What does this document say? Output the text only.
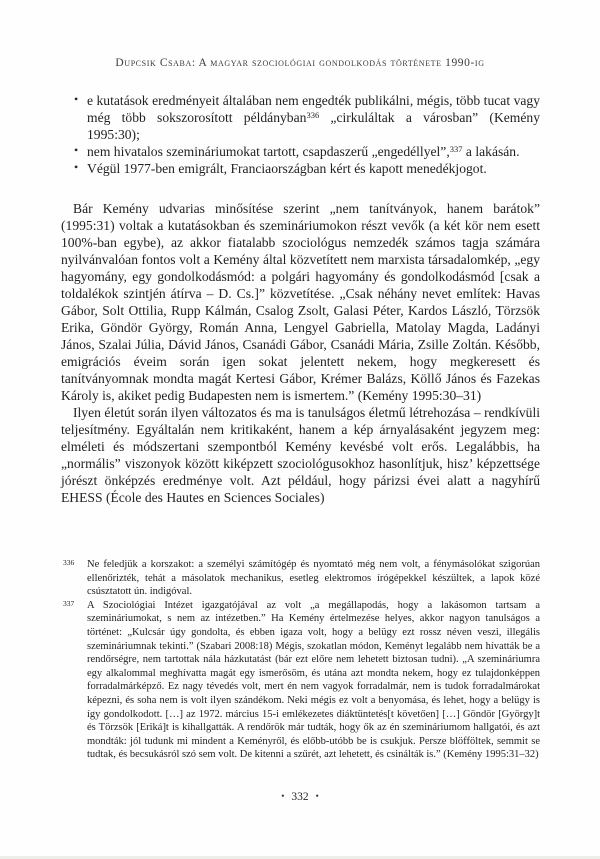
Dupcsik Csaba: A magyar szociológiai gondolkodás története 1990-ig
• e kutatások eredményeit általában nem engedték publikálni, mégis, több tucat vagy még több sokszorosított példányban$^{336}$ „cirkuláltak a városban” (Kemény 1995:30);
• nem hivatalos szemináriumokat tartott, csapdaszerű „engedéllyel”,$^{337}$ a lakásán.
• Végül 1977-ben emigrált, Franciaországban kért és kapott menedékjogot.

Bár Kemény udvarias minősítése szerint „nem tanítványok, hanem barátok” (1995:31) voltak a kutatásokban és szemináriumokon részt vevők (a két kör nem esett 100%-ban egybe), az akkor fiatalabb szociológus nemzedék számos tagja számára nyilvánvalóan fontos volt a Kemény által közvetített nem marxista társadalomkép, „egy hagyomány, egy gondolkodásmód: a polgári hagyomány és gondolkodásmód [csak a toldalékok szintjén átírva – D. Cs.]” közvetítése. „Csak néhány nevet említek: Havas Gábor, Solt Ottilia, Rupp Kálmán, Csalog Zsolt, Galasi Péter, Kardos László, Törzsök Erika, Göndör György, Román Anna, Lengyel Gabriella, Matolay Magda, Ladányi János, Szalai Júlia, Dávid János, Csanádi Gábor, Csanádi Mária, Zsille Zoltán. Később, emigrációs éveim során igen sokat jelentett nekem, hogy megkeresett és tanítványomnak mondta magát Kertesi Gábor, Krémer Balázs, Köllő János és Fazekas Károly is, akiket pedig Budapesten nem is ismertem.” (Kemény 1995:30–31)

Ilyen életút során ilyen változatos és ma is tanulságos életmű létrehozása – rendkívüli teljesítmény. Egyáltalán nem kritikaként, hanem a kép árnyalásaként jegyzem meg: elméleti és módszertani szempontból Kemény kevésbé volt erős. Legalábbis, ha „normális” viszonyok között kiképzett szociológusokhoz hasonlítjuk, hisz’ képzettsége jórészt önképzés eredménye volt. Azt például, hogy párizsi évei alatt a nagyhírű EHESS (École des Hautes en Sciences Sociales)

336 Ne feledjük a korszakot: a személyi számítógép és nyomtató még nem volt, a fénymásolókat szigorúan ellenőrizték, tehát a másolatok mechanikus, esetleg elektromos írógépekkel készültek, a lapok közé csúsztatott ún. indigóval.
337 A Szociológiai Intézet igazgatójával az volt „a megállapodás, hogy a lakásomon tartsam a szemináriumokat, s nem az intézetben.” Ha Kemény értelmezése helyes, akkor nagyon tanulságos a történet: „Kulcsár úgy gondolta, és ebben igaza volt, hogy a belügy ezt rossz néven veszi, illegális szemináriumnak tekinti.” (Szabari 2008:18) Mégis, szokatlan módon, Keményt legalább nem hívatták be a rendőrségre, nem tartottak nála házkutatást (bár ezt előre nem lehetett biztosan tudni). „A szemináriumra egy alkalommal meghívatta magát egy ismerősöm, és utána azt mondta nekem, hogy ez tulajdonképpen forradalmárképző. Ez nagy tévedés volt, mert én nem vagyok forradalmár, nem is tudok forradalmárokat képezni, és soha nem is volt ilyen szándékom. Neki mégis ez volt a benyomása, és lehet, hogy a belügy is így gondolkodott. […] az 1972. március 15-i emlékezetes diáktüntetés[t követően] […] Göndör [György]t és Törzsök [Eriká]t is kihallgatták. A rendőrök már tudták, hogy ők az én szemináriumom hallgatói, és azt mondták: jól tudunk mi mindent a Keményről, és előbb-utóbb be is csukjuk. Persze blöfföltek, semmit se tudtak, és becsukásról szó sem volt. De kitenni a szűrét, azt lehetett, és csinálták is.” (Kemény 1995:31–32)
• 332 •
